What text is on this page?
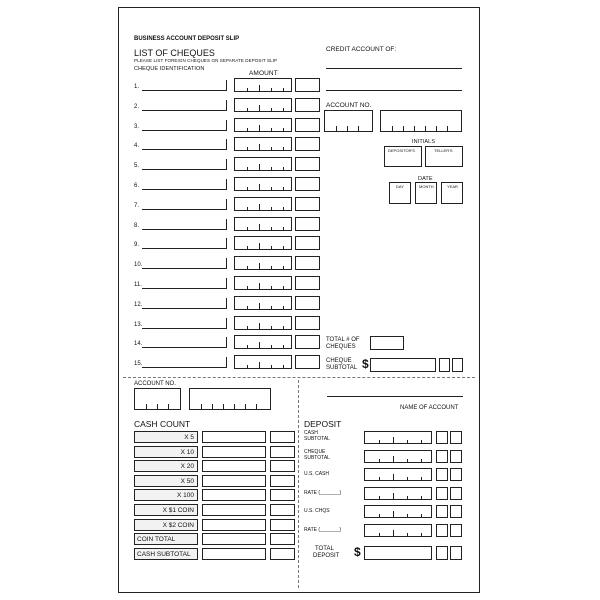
BUSINESS ACCOUNT DEPOSIT SLIP
LIST OF CHEQUES
PLEASE LIST FOREIGN CHEQUES ON SEPARATE DEPOSIT SLIP
CHEQUE IDENTIFICATION
AMOUNT
1.
2.
3.
4.
5.
6.
7.
8.
9.
10.
11.
12.
13.
14.
15.
CREDIT ACCOUNT OF:
ACCOUNT NO.
INITIALS
DEPOSITOR'S	TELLER'S
DATE
DAY	MONTH	YEAR
TOTAL # OF
CHEQUES
CHEQUE
SUBTOTAL $
ACCOUNT NO.
CASH COUNT
X 5
X 10
X 20
X 50
X 100
X $1 COIN
X $2 COIN
COIN TOTAL
CASH SUBTOTAL
NAME OF ACCOUNT
DEPOSIT
CASH
SUBTOTAL
CHEQUE
SUBTOTAL
U.S. CASH
RATE (_______)
U.S. CHQS
RATE (_______)
TOTAL
DEPOSIT $
